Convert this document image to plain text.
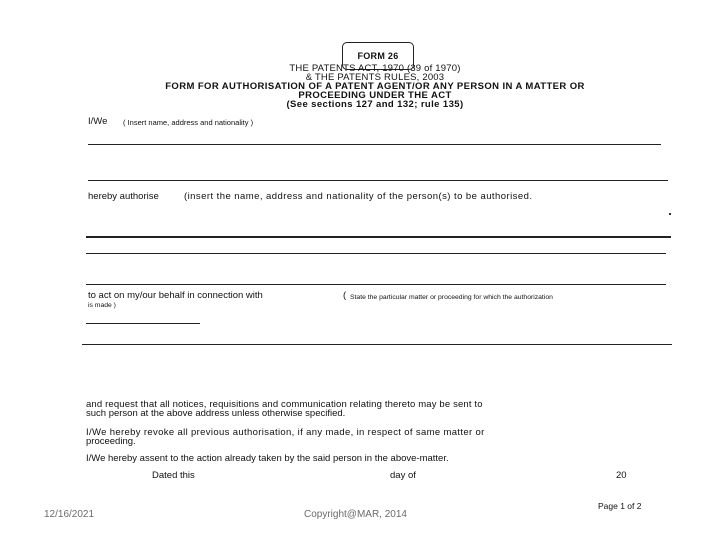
FORM 26
THE PATENTS ACT, 1970 (39 of 1970)
& THE PATENTS RULES, 2003
FORM FOR AUTHORISATION OF A PATENT AGENT/OR ANY PERSON IN A MATTER OR
PROCEEDING UNDER THE ACT
(See sections 127 and 132; rule 135)
I/We ( Insert name, address and nationality )
hereby authorise	(insert the name, address and nationality of the person(s) to be authorised.
to act on my/our behalf in connection with	( State the particular matter or proceeding for which the authorization
is made )
and request that all notices, requisitions and communication relating thereto may be sent to
such person at the above address unless otherwise specified.
I/We hereby revoke all previous authorisation, if any made, in respect of same matter or
proceeding.
I/We hereby assent to the action already taken by the said person in the above-matter.
Dated this	day of	20
Page 1 of 2
12/16/2021	Copyright@MAR, 2014
